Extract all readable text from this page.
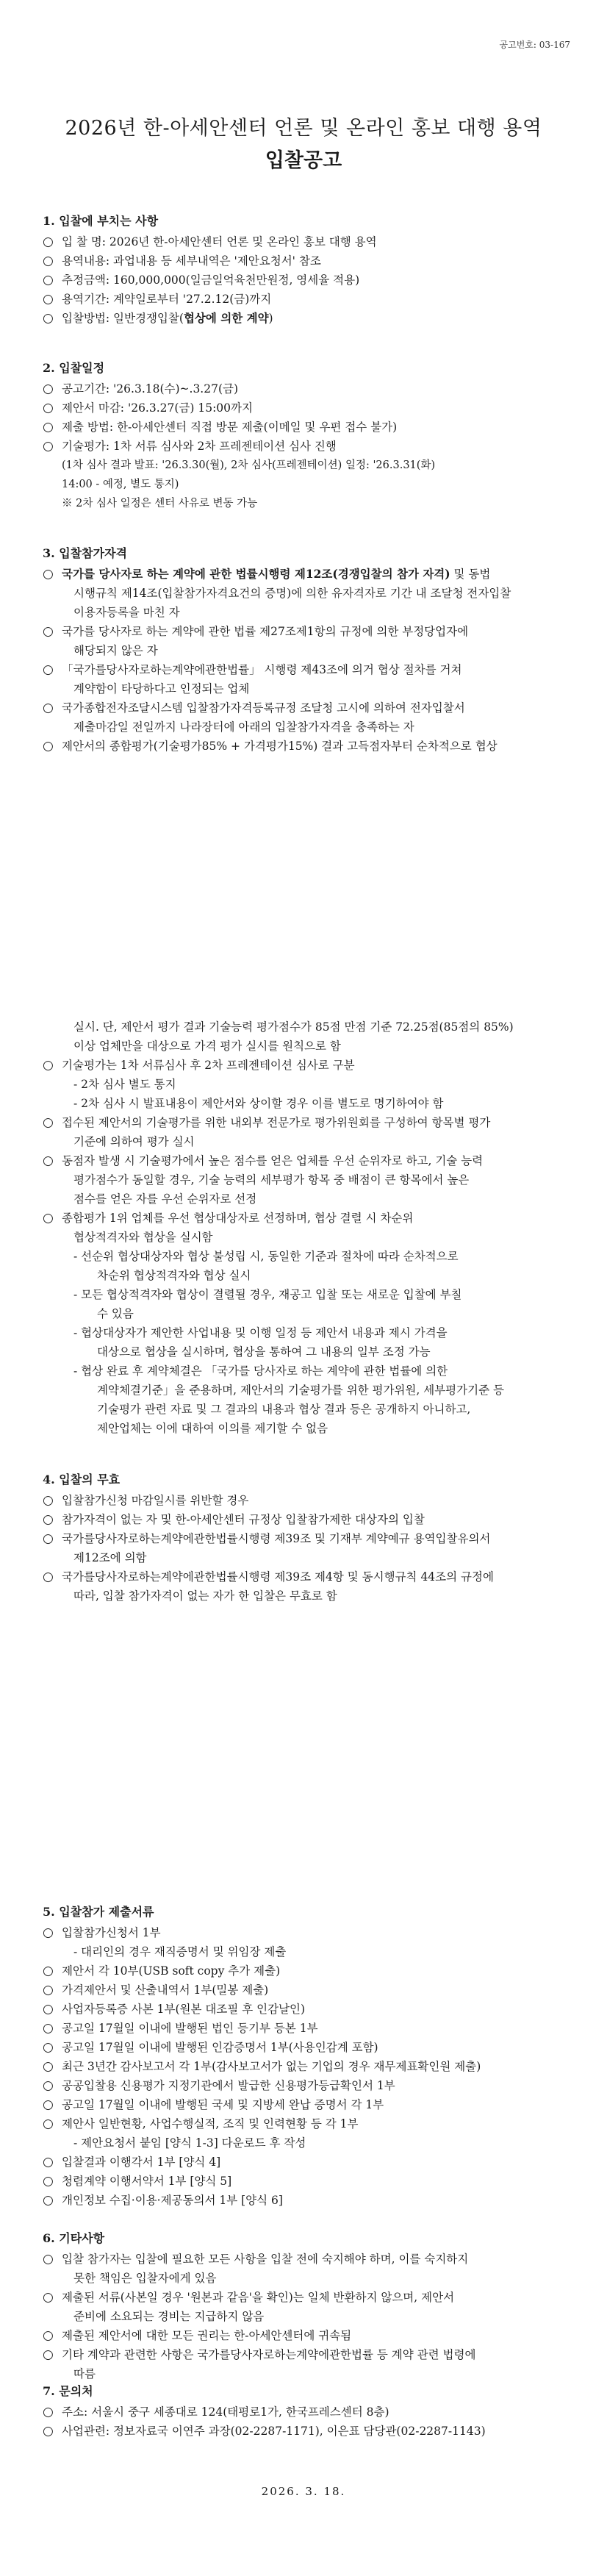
공고번호: 03-167
2026년 한-아세안센터 언론 및 온라인 홍보 대행 용역
입찰공고
1. 입찰에 부치는 사항
○ 입 찰 명: 2026년 한-아세안센터 언론 및 온라인 홍보 대행 용역
○ 용역내용: 과업내용 등 세부내역은 '제안요청서' 참조
○ 추정금액: 160,000,000(일금일억육천만원정, 영세율 적용)
○ 용역기간: 계약일로부터 '27.2.12(금)까지
○ 입찰방법: 일반경쟁입찰(협상에 의한 계약)
2. 입찰일정
○ 공고기간: '26.3.18(수)~.3.27(금)
○ 제안서 마감: '26.3.27(금) 15:00까지
○ 제출 방법: 한-아세안센터 직접 방문 제출(이메일 및 우편 접수 불가)
○ 기술평가: 1차 서류 심사와 2차 프레젠테이션 심사 진행
(1차 심사 결과 발표: '26.3.30(월), 2차 심사(프레젠테이션) 일정: '26.3.31(화)
14:00 - 예정, 별도 통지)
※ 2차 심사 일정은 센터 사유로 변동 가능
3. 입찰참가자격
○ 국가를 당사자로 하는 계약에 관한 법률시행령 제12조(경쟁입찰의 참가 자격) 및 동법
시행규칙 제14조(입찰참가자격요건의 증명)에 의한 유자격자로 기간 내 조달청 전자입찰
이용자등록을 마친 자
○ 국가를 당사자로 하는 계약에 관한 법률 제27조제1항의 규정에 의한 부정당업자에
해당되지 않은 자
○ 「국가를당사자로하는계약에관한법률」 시행령 제43조에 의거 협상 절차를 거쳐
계약함이 타당하다고 인정되는 업체
○ 국가종합전자조달시스템 입찰참가자격등록규정 조달청 고시에 의하여 전자입찰서
제출마감일 전일까지 나라장터에 아래의 입찰참가자격을 충족하는 자
○ 제안서의 종합평가(기술평가85% + 가격평가15%) 결과 고득점자부터 순차적으로 협상
실시. 단, 제안서 평가 결과 기술능력 평가점수가 85점 만점 기준 72.25점(85점의 85%)
이상 업체만을 대상으로 가격 평가 실시를 원칙으로 함
○ 기술평가는 1차 서류심사 후 2차 프레젠테이션 심사로 구분
- 2차 심사 별도 통지
- 2차 심사 시 발표내용이 제안서와 상이할 경우 이를 별도로 명기하여야 함
○ 접수된 제안서의 기술평가를 위한 내외부 전문가로 평가위원회를 구성하여 항목별 평가
기준에 의하여 평가 실시
○ 동점자 발생 시 기술평가에서 높은 점수를 얻은 업체를 우선 순위자로 하고, 기술 능력
평가점수가 동일할 경우, 기술 능력의 세부평가 항목 중 배점이 큰 항목에서 높은
점수를 얻은 자를 우선 순위자로 선정
○ 종합평가 1위 업체를 우선 협상대상자로 선정하며, 협상 결렬 시 차순위
협상적격자와 협상을 실시함
- 선순위 협상대상자와 협상 불성립 시, 동일한 기준과 절차에 따라 순차적으로
차순위 협상적격자와 협상 실시
- 모든 협상적격자와 협상이 결렬될 경우, 재공고 입찰 또는 새로운 입찰에 부칠
수 있음
- 협상대상자가 제안한 사업내용 및 이행 일정 등 제안서 내용과 제시 가격을
대상으로 협상을 실시하며, 협상을 통하여 그 내용의 일부 조정 가능
- 협상 완료 후 계약체결은 「국가를 당사자로 하는 계약에 관한 법률에 의한
계약체결기준」을 준용하며, 제안서의 기술평가를 위한 평가위원, 세부평가기준 등
기술평가 관련 자료 및 그 결과의 내용과 협상 결과 등은 공개하지 아니하고,
제안업체는 이에 대하여 이의를 제기할 수 없음
4. 입찰의 무효
○ 입찰참가신청 마감일시를 위반할 경우
○ 참가자격이 없는 자 및 한-아세안센터 규정상 입찰참가제한 대상자의 입찰
○ 국가를당사자로하는계약에관한법률시행령 제39조 및 기재부 계약예규 용역입찰유의서
제12조에 의함
○ 국가를당사자로하는계약에관한법률시행령 제39조 제4항 및 동시행규칙 44조의 규정에
따라, 입찰 참가자격이 없는 자가 한 입찰은 무효로 함
5. 입찰참가 제출서류
○ 입찰참가신청서 1부
- 대리인의 경우 재직증명서 및 위임장 제출
○ 제안서 각 10부(USB soft copy 추가 제출)
○ 가격제안서 및 산출내역서 1부(밀봉 제출)
○ 사업자등록증 사본 1부(원본 대조필 후 인감날인)
○ 공고일 17월일 이내에 발행된 법인 등기부 등본 1부
○ 공고일 17월일 이내에 발행된 인감증명서 1부(사용인감계 포함)
○ 최근 3년간 감사보고서 각 1부(감사보고서가 없는 기업의 경우 재무제표확인원 제출)
○ 공공입찰용 신용평가 지정기관에서 발급한 신용평가등급확인서 1부
○ 공고일 17월일 이내에 발행된 국세 및 지방세 완납 증명서 각 1부
○ 제안사 일반현황, 사업수행실적, 조직 및 인력현황 등 각 1부
- 제안요청서 붙임 [양식 1-3] 다운로드 후 작성
○ 입찰결과 이행각서 1부 [양식 4]
○ 청렴계약 이행서약서 1부 [양식 5]
○ 개인정보 수집·이용·제공동의서 1부 [양식 6]
6. 기타사항
○ 입찰 참가자는 입찰에 필요한 모든 사항을 입찰 전에 숙지해야 하며, 이를 숙지하지
못한 책임은 입찰자에게 있음
○ 제출된 서류(사본일 경우 '원본과 같음'을 확인)는 일체 반환하지 않으며, 제안서
준비에 소요되는 경비는 지급하지 않음
○ 제출된 제안서에 대한 모든 권리는 한-아세안센터에 귀속됨
○ 기타 계약과 관련한 사항은 국가를당사자로하는계약에관한법률 등 계약 관련 법령에
따름
7. 문의처
○ 주소: 서울시 중구 세종대로 124(태평로1가, 한국프레스센터 8층)
○ 사업관련: 정보자료국 이연주 과장(02-2287-1171), 이은표 담당관(02-2287-1143)
2026. 3. 18.
